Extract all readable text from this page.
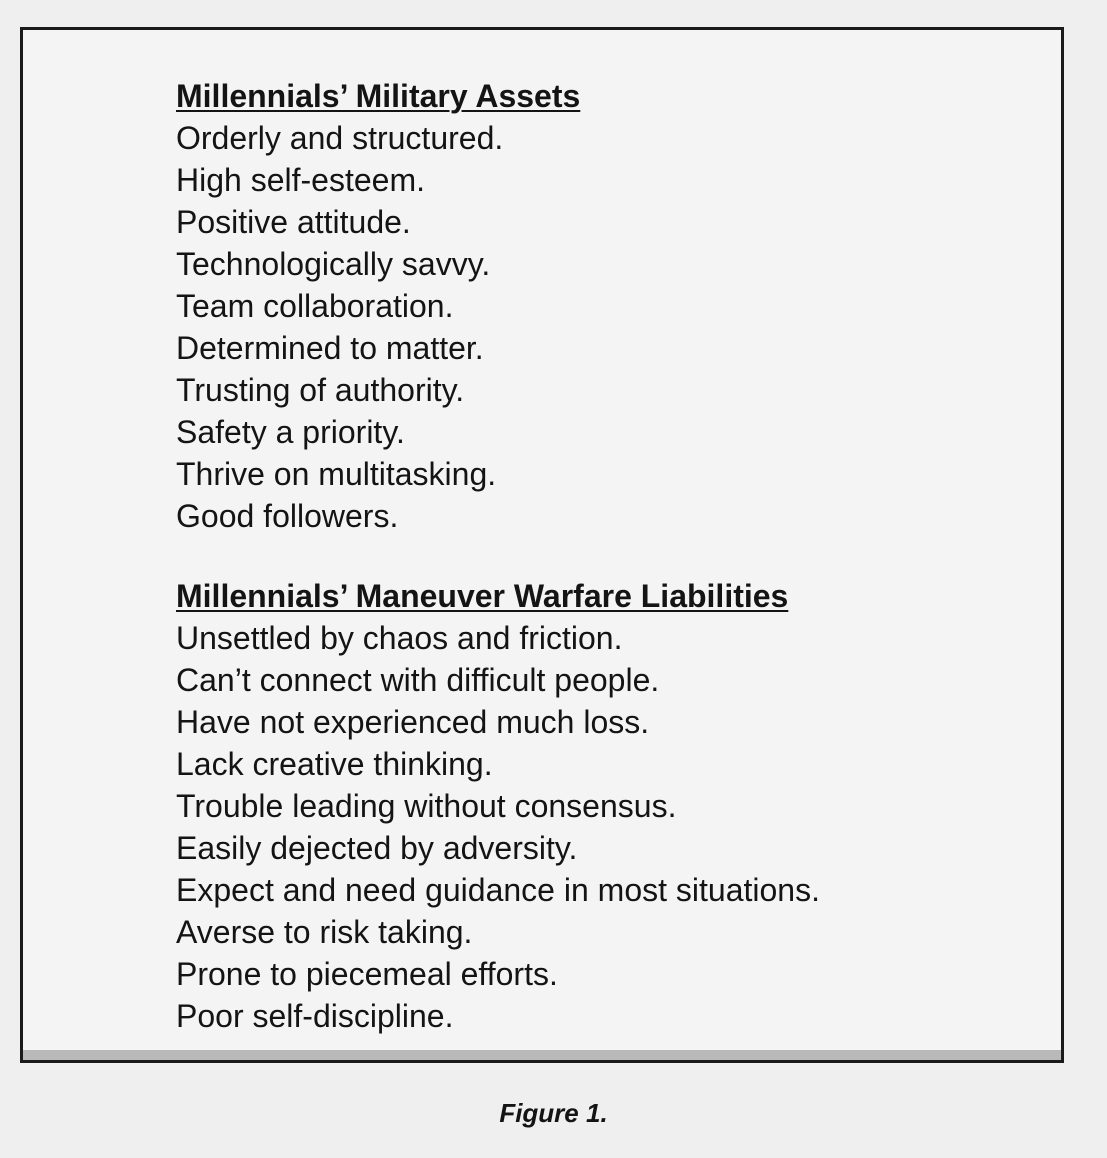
Millennials’ Military Assets
Orderly and structured.
High self-esteem.
Positive attitude.
Technologically savvy.
Team collaboration.
Determined to matter.
Trusting of authority.
Safety a priority.
Thrive on multitasking.
Good followers.
Millennials’ Maneuver Warfare Liabilities
Unsettled by chaos and friction.
Can’t connect with difficult people.
Have not experienced much loss.
Lack creative thinking.
Trouble leading without consensus.
Easily dejected by adversity.
Expect and need guidance in most situations.
Averse to risk taking.
Prone to piecemeal efforts.
Poor self-discipline.
Figure 1.
